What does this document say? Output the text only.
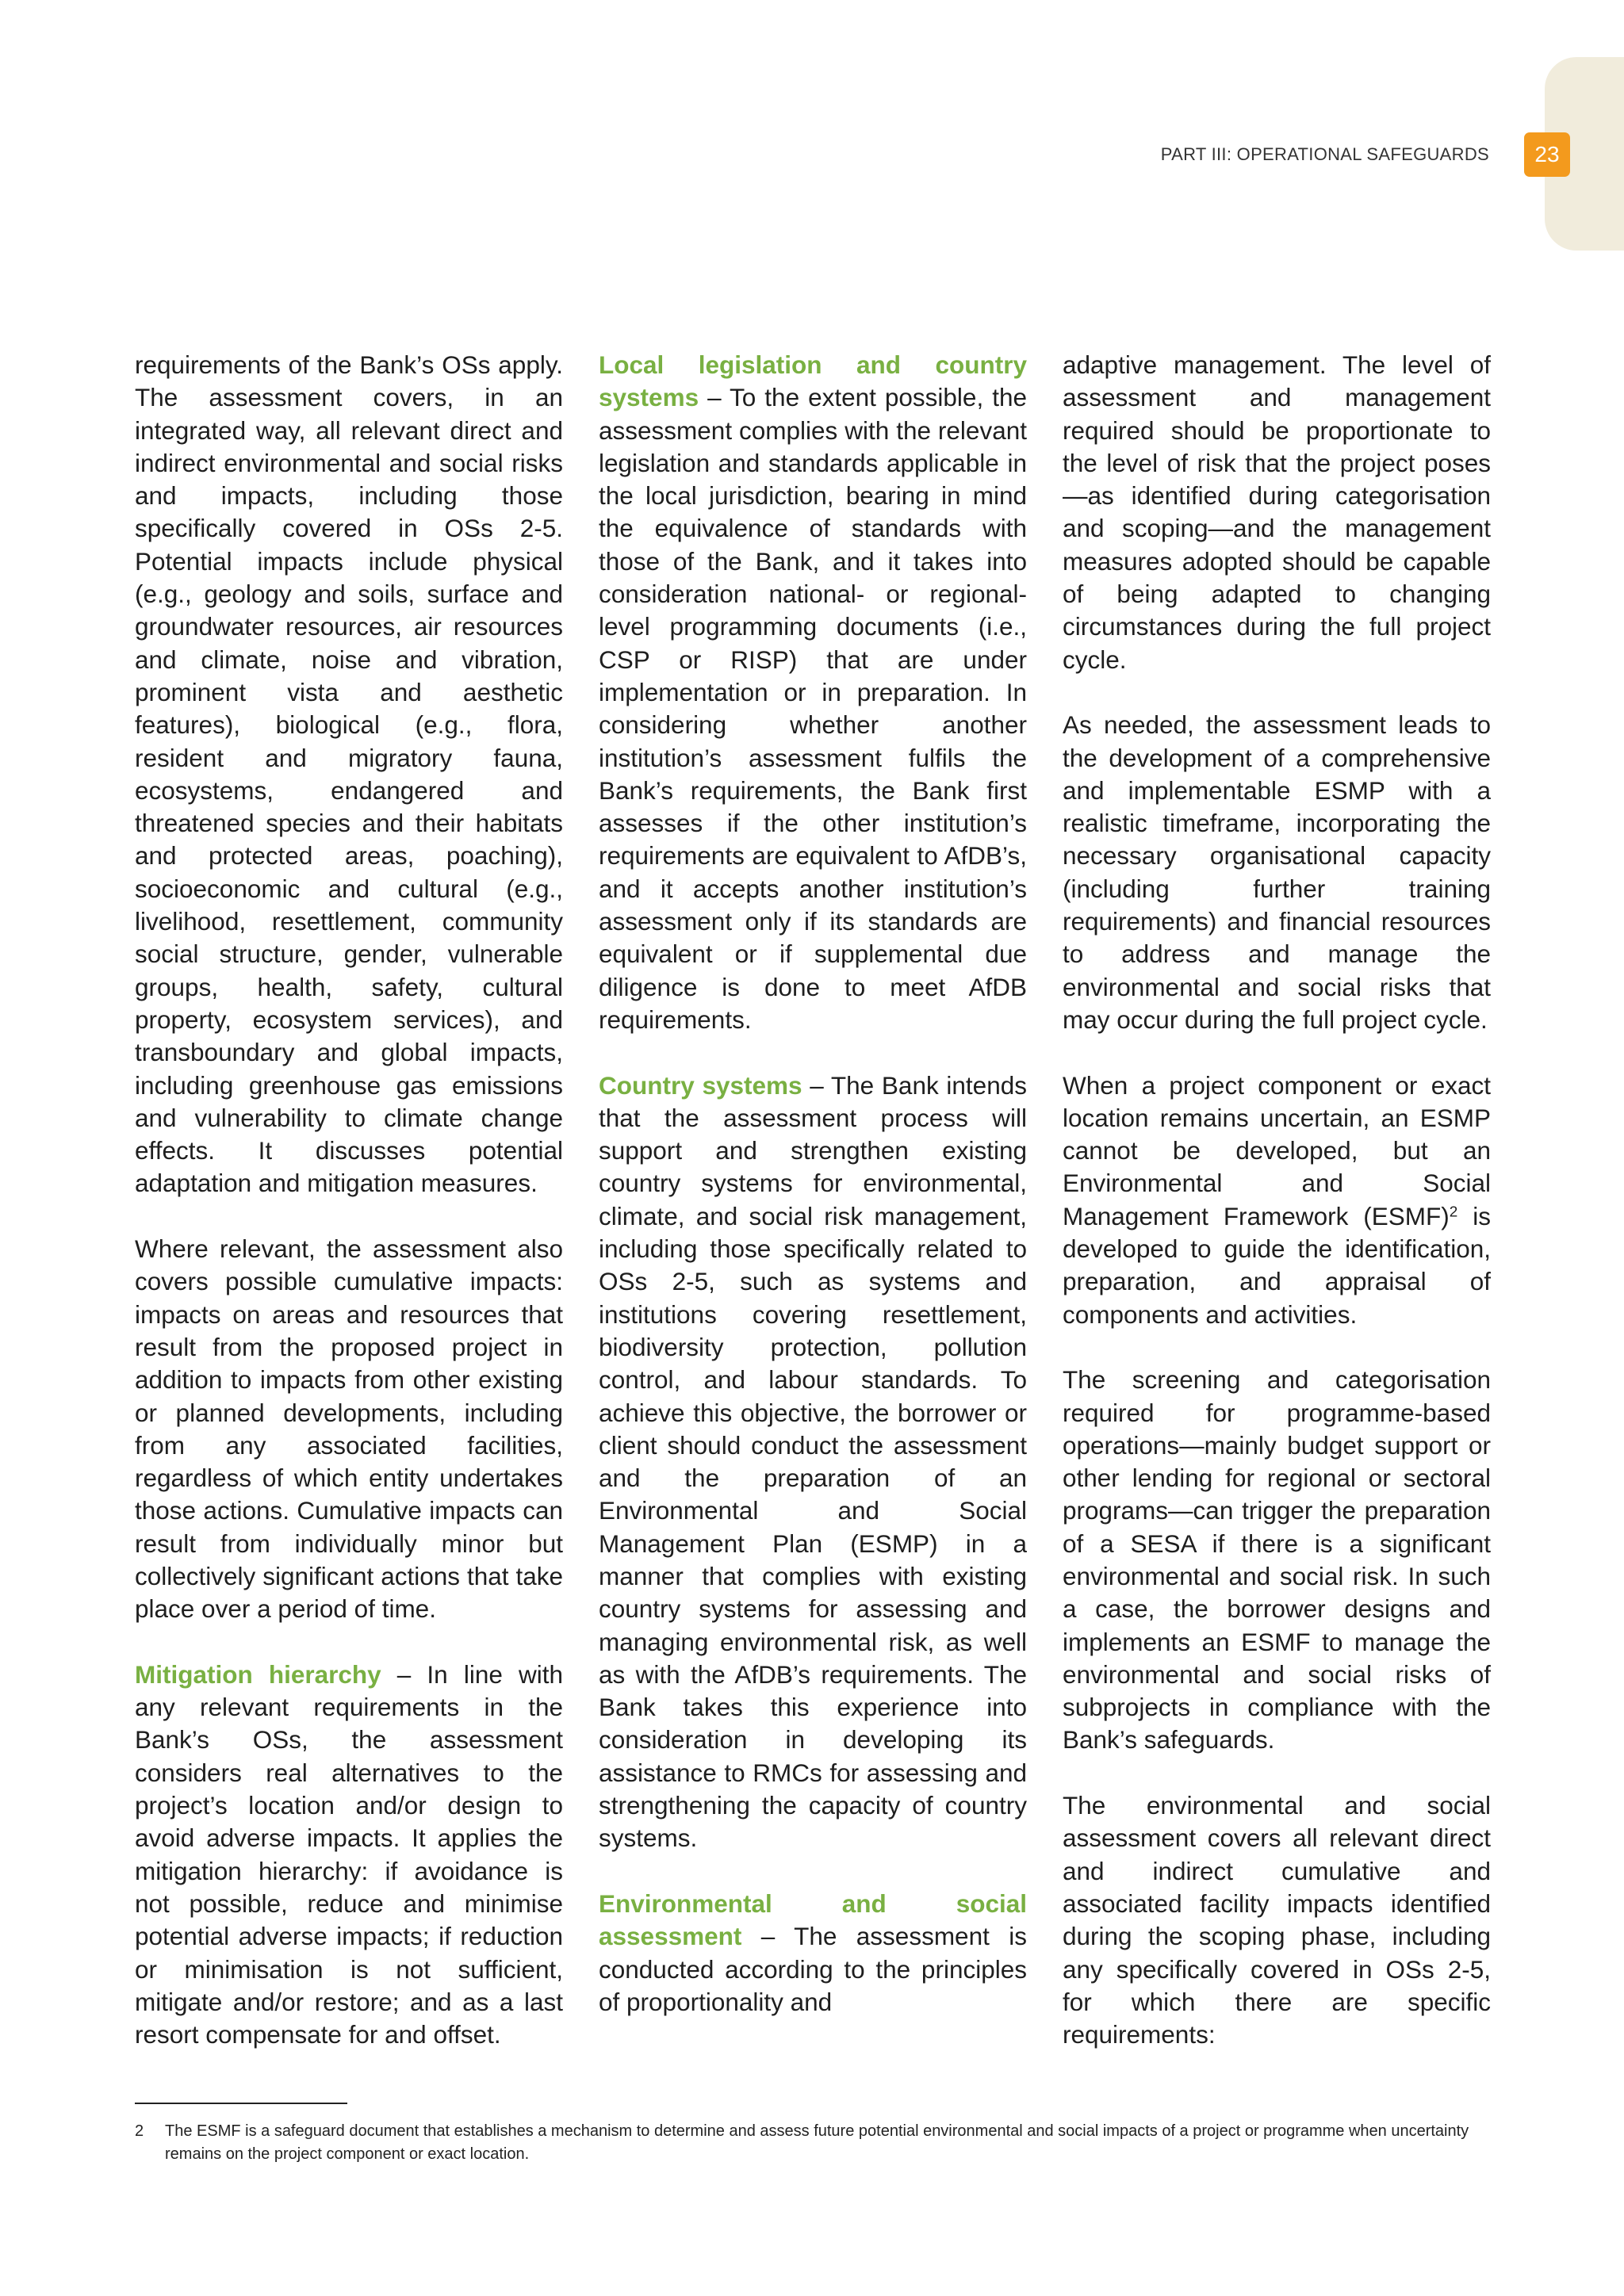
PART III: OPERATIONAL SAFEGUARDS	23

requirements of the Bank’s OSs apply. The assessment covers, in an integrated way, all relevant direct and indirect environmental and social risks and impacts, including those specifically covered in OSs 2-5. Potential impacts include physical (e.g., geology and soils, surface and groundwater resources, air resources and climate, noise and vibration, prominent vista and aesthetic features), biological (e.g., flora, resident and migratory fauna, ecosystems, endangered and threatened species and their habitats and protected areas, poaching), socioeconomic and cultural (e.g., livelihood, resettlement, community social structure, gender, vulnerable groups, health, safety, cultural property, ecosystem services), and transboundary and global impacts, including greenhouse gas emissions and vulnerability to climate change effects. It discusses potential adaptation and mitigation measures.

Where relevant, the assessment also covers possible cumulative impacts: impacts on areas and resources that result from the proposed project in addition to impacts from other existing or planned developments, including from any associated facilities, regardless of which entity undertakes those actions. Cumulative impacts can result from individually minor but collectively significant actions that take place over a period of time.

Mitigation hierarchy – In line with any relevant requirements in the Bank’s OSs, the assessment considers real alternatives to the project’s location and/or design to avoid adverse impacts. It applies the mitigation hierarchy: if avoidance is not possible, reduce and minimise potential adverse impacts; if reduction or minimisation is not sufficient, mitigate and/or restore; and as a last resort compensate for and offset.

Local legislation and country systems – To the extent possible, the assessment complies with the relevant legislation and standards applicable in the local jurisdiction, bearing in mind the equivalence of standards with those of the Bank, and it takes into consideration national- or regional- level programming documents (i.e., CSP or RISP) that are under implementation or in preparation. In considering whether another institution’s assessment fulfils the Bank’s requirements, the Bank first assesses if the other institution’s requirements are equivalent to AfDB’s, and it accepts another institution’s assessment only if its standards are equivalent or if supplemental due diligence is done to meet AfDB requirements.

Country systems – The Bank intends that the assessment process will support and strengthen existing country systems for environmental, climate, and social risk management, including those specifically related to OSs 2-5, such as systems and institutions covering resettlement, biodiversity protection, pollution control, and labour standards. To achieve this objective, the borrower or client should conduct the assessment and the preparation of an Environmental and Social Management Plan (ESMP) in a manner that complies with existing country systems for assessing and managing environmental risk, as well as with the AfDB’s requirements. The Bank takes this experience into consideration in developing its assistance to RMCs for assessing and strengthening the capacity of country systems.

Environmental and social assessment – The assessment is conducted according to the principles of proportionality and

adaptive management. The level of assessment and management required should be proportionate to the level of risk that the project poses—as identified during categorisation and scoping—and the management measures adopted should be capable of being adapted to changing circumstances during the full project cycle.

As needed, the assessment leads to the development of a comprehensive and implementable ESMP with a realistic timeframe, incorporating the necessary organisational capacity (including further training requirements) and financial resources to address and manage the environmental and social risks that may occur during the full project cycle.

When a project component or exact location remains uncertain, an ESMP cannot be developed, but an Environmental and Social Management Framework (ESMF)$^2$ is developed to guide the identification, preparation, and appraisal of components and activities.

The screening and categorisation required for programme-based operations—mainly budget support or other lending for regional or sectoral programs—can trigger the preparation of a SESA if there is a significant environmental and social risk. In such a case, the borrower designs and implements an ESMF to manage the environmental and social risks of subprojects in compliance with the Bank’s safeguards.

The environmental and social assessment covers all relevant direct and indirect cumulative and associated facility impacts identified during the scoping phase, including any specifically covered in OSs 2-5, for which there are specific requirements:

2 The ESMF is a safeguard document that establishes a mechanism to determine and assess future potential environmental and social impacts of a project or programme when uncertainty remains on the project component or exact location.
